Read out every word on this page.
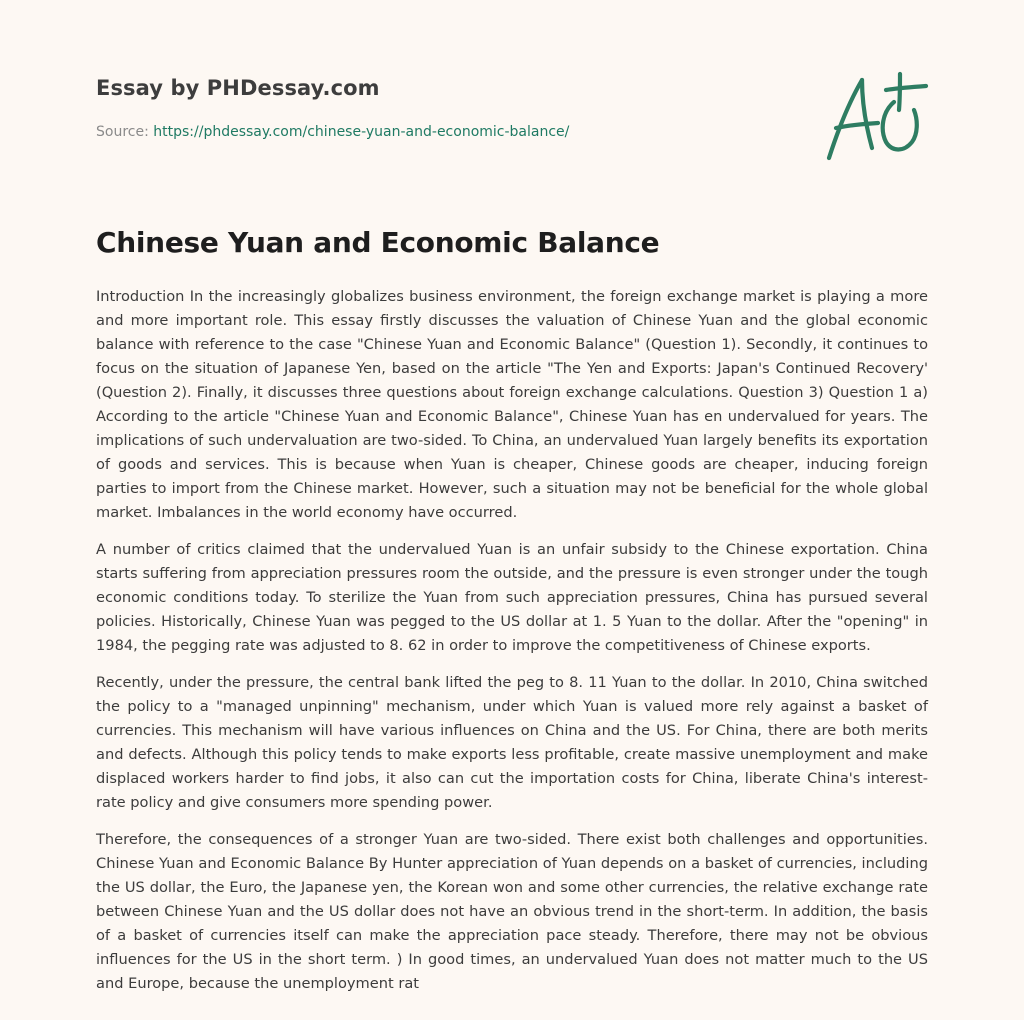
Essay by PHDessay.com
Source: https://phdessay.com/chinese-yuan-and-economic-balance/
Chinese Yuan and Economic Balance

Introduction In the increasingly globalizes business environment, the foreign exchange market is playing a more and more important role. This essay firstly discusses the valuation of Chinese Yuan and the global economic balance with reference to the case "Chinese Yuan and Economic Balance" (Question 1). Secondly, it continues to focus on the situation of Japanese Yen, based on the article "The Yen and Exports: Japan's Continued Recovery' (Question 2). Finally, it discusses three questions about foreign exchange calculations. Question 3) Question 1 a) According to the article "Chinese Yuan and Economic Balance", Chinese Yuan has en undervalued for years. The implications of such undervaluation are two-sided. To China, an undervalued Yuan largely benefits its exportation of goods and services. This is because when Yuan is cheaper, Chinese goods are cheaper, inducing foreign parties to import from the Chinese market. However, such a situation may not be beneficial for the whole global market. Imbalances in the world economy have occurred.

A number of critics claimed that the undervalued Yuan is an unfair subsidy to the Chinese exportation. China starts suffering from appreciation pressures room the outside, and the pressure is even stronger under the tough economic conditions today. To sterilize the Yuan from such appreciation pressures, China has pursued several policies. Historically, Chinese Yuan was pegged to the US dollar at 1. 5 Yuan to the dollar. After the "opening" in 1984, the pegging rate was adjusted to 8. 62 in order to improve the competitiveness of Chinese exports.

Recently, under the pressure, the central bank lifted the peg to 8. 11 Yuan to the dollar. In 2010, China switched the policy to a "managed unpinning" mechanism, under which Yuan is valued more rely against a basket of currencies. This mechanism will have various influences on China and the US. For China, there are both merits and defects. Although this policy tends to make exports less profitable, create massive unemployment and make displaced workers harder to find jobs, it also can cut the importation costs for China, liberate China's interest-rate policy and give consumers more spending power.

Therefore, the consequences of a stronger Yuan are two-sided. There exist both challenges and opportunities. Chinese Yuan and Economic Balance By Hunter appreciation of Yuan depends on a basket of currencies, including the US dollar, the Euro, the Japanese yen, the Korean won and some other currencies, the relative exchange rate between Chinese Yuan and the US dollar does not have an obvious trend in the short-term. In addition, the basis of a basket of currencies itself can make the appreciation pace steady. Therefore, there may not be obvious influences for the US in the short term. ) In good times, an undervalued Yuan does not matter much to the US and Europe, because the unemployment rat
